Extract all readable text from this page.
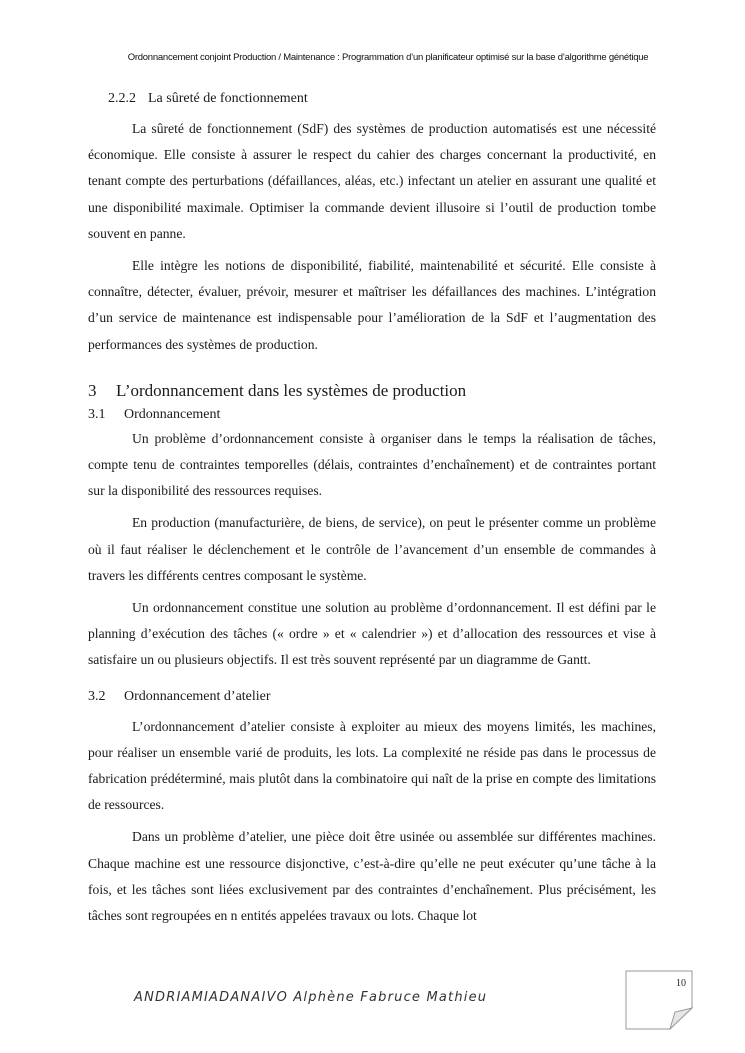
Ordonnancement conjoint Production / Maintenance : Programmation d’un planificateur optimisé sur la base d’algorithme génétique
2.2.2 La sûreté de fonctionnement

La sûreté de fonctionnement (SdF) des systèmes de production automatisés est une nécessité économique. Elle consiste à assurer le respect du cahier des charges concernant la productivité, en tenant compte des perturbations (défaillances, aléas, etc.) infectant un atelier en assurant une qualité et une disponibilité maximale. Optimiser la commande devient illusoire si l’outil de production tombe souvent en panne.

Elle intègre les notions de disponibilité, fiabilité, maintenabilité et sécurité. Elle consiste à connaître, détecter, évaluer, prévoir, mesurer et maîtriser les défaillances des machines. L’intégration d’un service de maintenance est indispensable pour l’amélioration de la SdF et l’augmentation des performances des systèmes de production.

3 L’ordonnancement dans les systèmes de production
3.1 Ordonnancement

Un problème d’ordonnancement consiste à organiser dans le temps la réalisation de tâches, compte tenu de contraintes temporelles (délais, contraintes d’enchaînement) et de contraintes portant sur la disponibilité des ressources requises.

En production (manufacturière, de biens, de service), on peut le présenter comme un problème où il faut réaliser le déclenchement et le contrôle de l’avancement d’un ensemble de commandes à travers les différents centres composant le système.

Un ordonnancement constitue une solution au problème d’ordonnancement. Il est défini par le planning d’exécution des tâches (« ordre » et « calendrier ») et d’allocation des ressources et vise à satisfaire un ou plusieurs objectifs. Il est très souvent représenté par un diagramme de Gantt.

3.2 Ordonnancement d’atelier

L’ordonnancement d’atelier consiste à exploiter au mieux des moyens limités, les machines, pour réaliser un ensemble varié de produits, les lots. La complexité ne réside pas dans le processus de fabrication prédéterminé, mais plutôt dans la combinatoire qui naît de la prise en compte des limitations de ressources.

Dans un problème d’atelier, une pièce doit être usinée ou assemblée sur différentes machines. Chaque machine est une ressource disjonctive, c’est-à-dire qu’elle ne peut exécuter qu’une tâche à la fois, et les tâches sont liées exclusivement par des contraintes d’enchaînement. Plus précisément, les tâches sont regroupées en n entités appelées travaux ou lots. Chaque lot

10
ANDRIAMIADANAIVO Alphène Fabruce Mathieu
